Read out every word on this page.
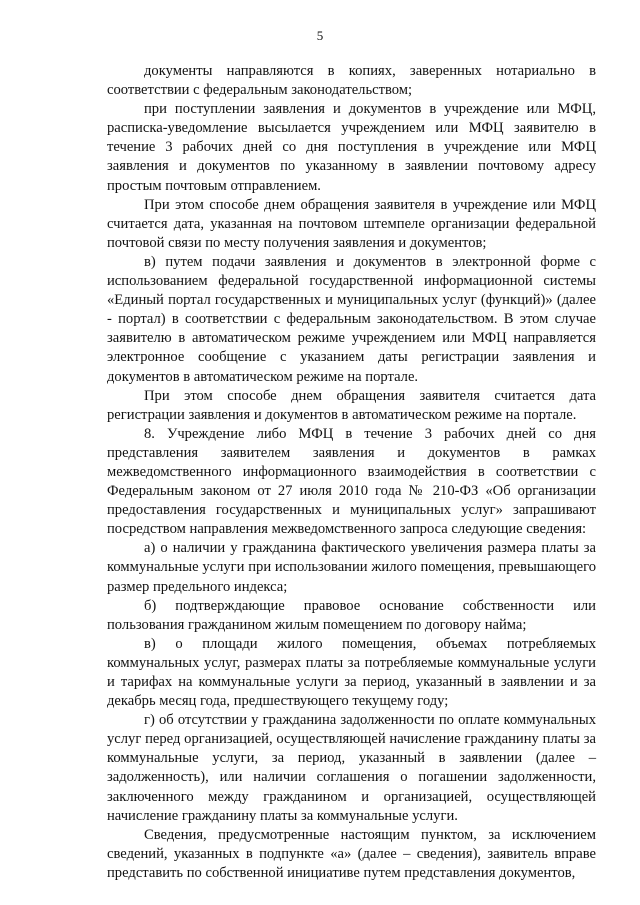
5

документы направляются в копиях, заверенных нотариально в соответствии с федеральным законодательством;

при поступлении заявления и документов в учреждение или МФЦ, расписка-уведомление высылается учреждением или МФЦ заявителю в течение 3 рабочих дней со дня поступления в учреждение или МФЦ заявления и документов по указанному в заявлении почтовому адресу простым почтовым отправлением.

При этом способе днем обращения заявителя в учреждение или МФЦ считается дата, указанная на почтовом штемпеле организации федеральной почтовой связи по месту получения заявления и документов;

в) путем подачи заявления и документов в электронной форме с использованием федеральной государственной информационной системы «Единый портал государственных и муниципальных услуг (функций)» (далее - портал) в соответствии с федеральным законодательством. В этом случае заявителю в автоматическом режиме учреждением или МФЦ направляется электронное сообщение с указанием даты регистрации заявления и документов в автоматическом режиме на портале.

При этом способе днем обращения заявителя считается дата регистрации заявления и документов в автоматическом режиме на портале.

8. Учреждение либо МФЦ в течение 3 рабочих дней со дня представления заявителем заявления и документов в рамках межведомственного информационного взаимодействия в соответствии с Федеральным законом от 27 июля 2010 года № 210-ФЗ «Об организации предоставления государственных и муниципальных услуг» запрашивают посредством направления межведомственного запроса следующие сведения:

а) о наличии у гражданина фактического увеличения размера платы за коммунальные услуги при использовании жилого помещения, превышающего размер предельного индекса;

б) подтверждающие правовое основание собственности или пользования гражданином жилым помещением по договору найма;

в) о площади жилого помещения, объемах потребляемых коммунальных услуг, размерах платы за потребляемые коммунальные услуги и тарифах на коммунальные услуги за период, указанный в заявлении и за декабрь месяц года, предшествующего текущему году;

г) об отсутствии у гражданина задолженности по оплате коммунальных услуг перед организацией, осуществляющей начисление гражданину платы за коммунальные услуги, за период, указанный в заявлении (далее – задолженность), или наличии соглашения о погашении задолженности, заключенного между гражданином и организацией, осуществляющей начисление гражданину платы за коммунальные услуги.

Сведения, предусмотренные настоящим пунктом, за исключением сведений, указанных в подпункте «а» (далее – сведения), заявитель вправе представить по собственной инициативе путем представления документов,
